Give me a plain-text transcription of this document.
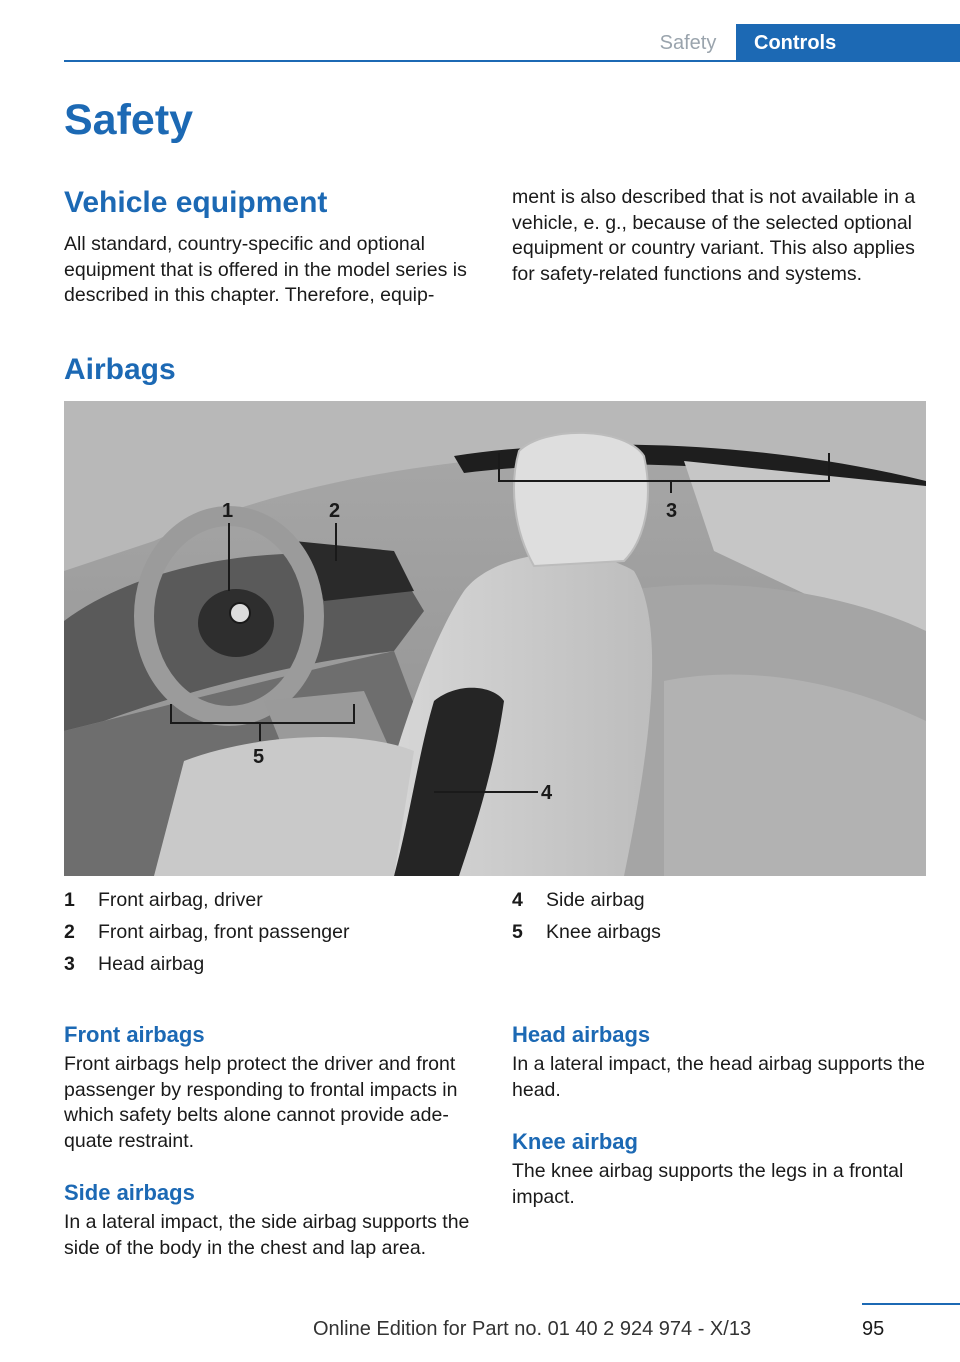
Safety	Controls
Safety
Vehicle equipment

All standard, country-specific and optional equipment that is offered in the model series is described in this chapter. Therefore, equip-

ment is also described that is not available in a vehicle, e. g., because of the selected optional equipment or country variant. This also applies for safety-related functions and systems.

Airbags
1	2	3
4
5
1 Front airbag, driver
2 Front airbag, front passenger
3 Head airbag
4 Side airbag
5 Knee airbags
Front airbags

Front airbags help protect the driver and front passenger by responding to frontal impacts in which safety belts alone cannot provide ade-quate restraint.

Side airbags

In a lateral impact, the side airbag supports the side of the body in the chest and lap area.

Head airbags

In a lateral impact, the head airbag supports the head.

Knee airbag

The knee airbag supports the legs in a frontal impact.

95
Online Edition for Part no. 01 40 2 924 974 - X/13
